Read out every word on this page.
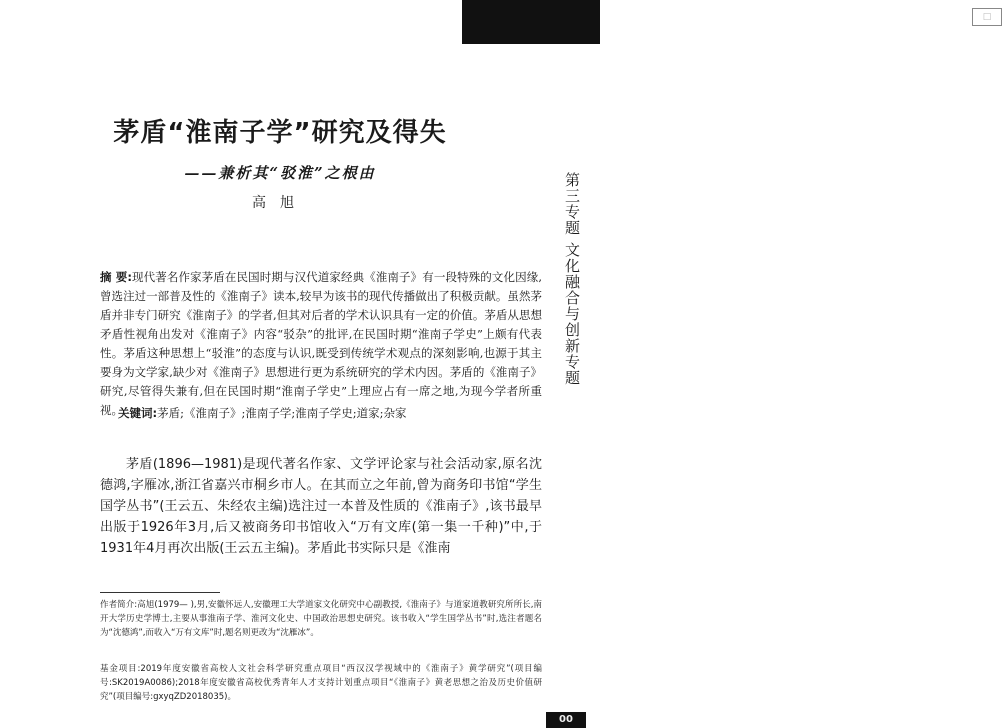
□
第三专题 文化融合与创新专题
茅盾“淮南子学”研究及得失
——兼析其“驳淮”之根由
高旭

摘 要:现代著名作家茅盾在民国时期与汉代道家经典《淮南子》有一段特殊的文化因缘,曾选注过一部普及性的《淮南子》读本,较早为该书的现代传播做出了积极贡献。虽然茅盾并非专门研究《淮南子》的学者,但其对后者的学术认识具有一定的价值。茅盾从思想矛盾性视角出发对《淮南子》内容“驳杂”的批评,在民国时期“淮南子学史”上颇有代表性。茅盾这种思想上“驳淮”的态度与认识,既受到传统学术观点的深刻影响,也源于其主要身为文学家,缺少对《淮南子》思想进行更为系统研究的学术内因。茅盾的《淮南子》研究,尽管得失兼有,但在民国时期“淮南子学史”上理应占有一席之地,为现今学者所重视。

关键词:茅盾;《淮南子》;淮南子学;淮南子学史;道家;杂家

茅盾(1896—1981)是现代著名作家、文学评论家与社会活动家,原名沈德鸿,字雁冰,浙江省嘉兴市桐乡市人。在其而立之年前,曾为商务印书馆“学生国学丛书”(王云五、朱经农主编)选注过一本普及性质的《淮南子》,该书最早出版于1926年3月,后又被商务印书馆收入“万有文库(第一集一千种)”中,于1931年4月再次出版(王云五主编)。茅盾此书实际只是《淮南

作者简介:高旭(1979— ),男,安徽怀远人,安徽理工大学道家文化研究中心副教授,《淮南子》与道家道教研究所所长,南开大学历史学博士,主要从事淮南子学、淮河文化史、中国政治思想史研究。该书收入“学生国学丛书”时,选注者题名为“沈德鸿”,而收入“万有文库”时,题名则更改为“沈雁冰”。

基金项目:2019年度安徽省高校人文社会科学研究重点项目“西汉汉学视域中的《淮南子》黄学研究”(项目编号:SK2019A0086);2018年度安徽省高校优秀青年人才支持计划重点项目“《淮南子》黄老思想之治及历史价值研究”(项目编号:gxyqZD2018035)。

00
